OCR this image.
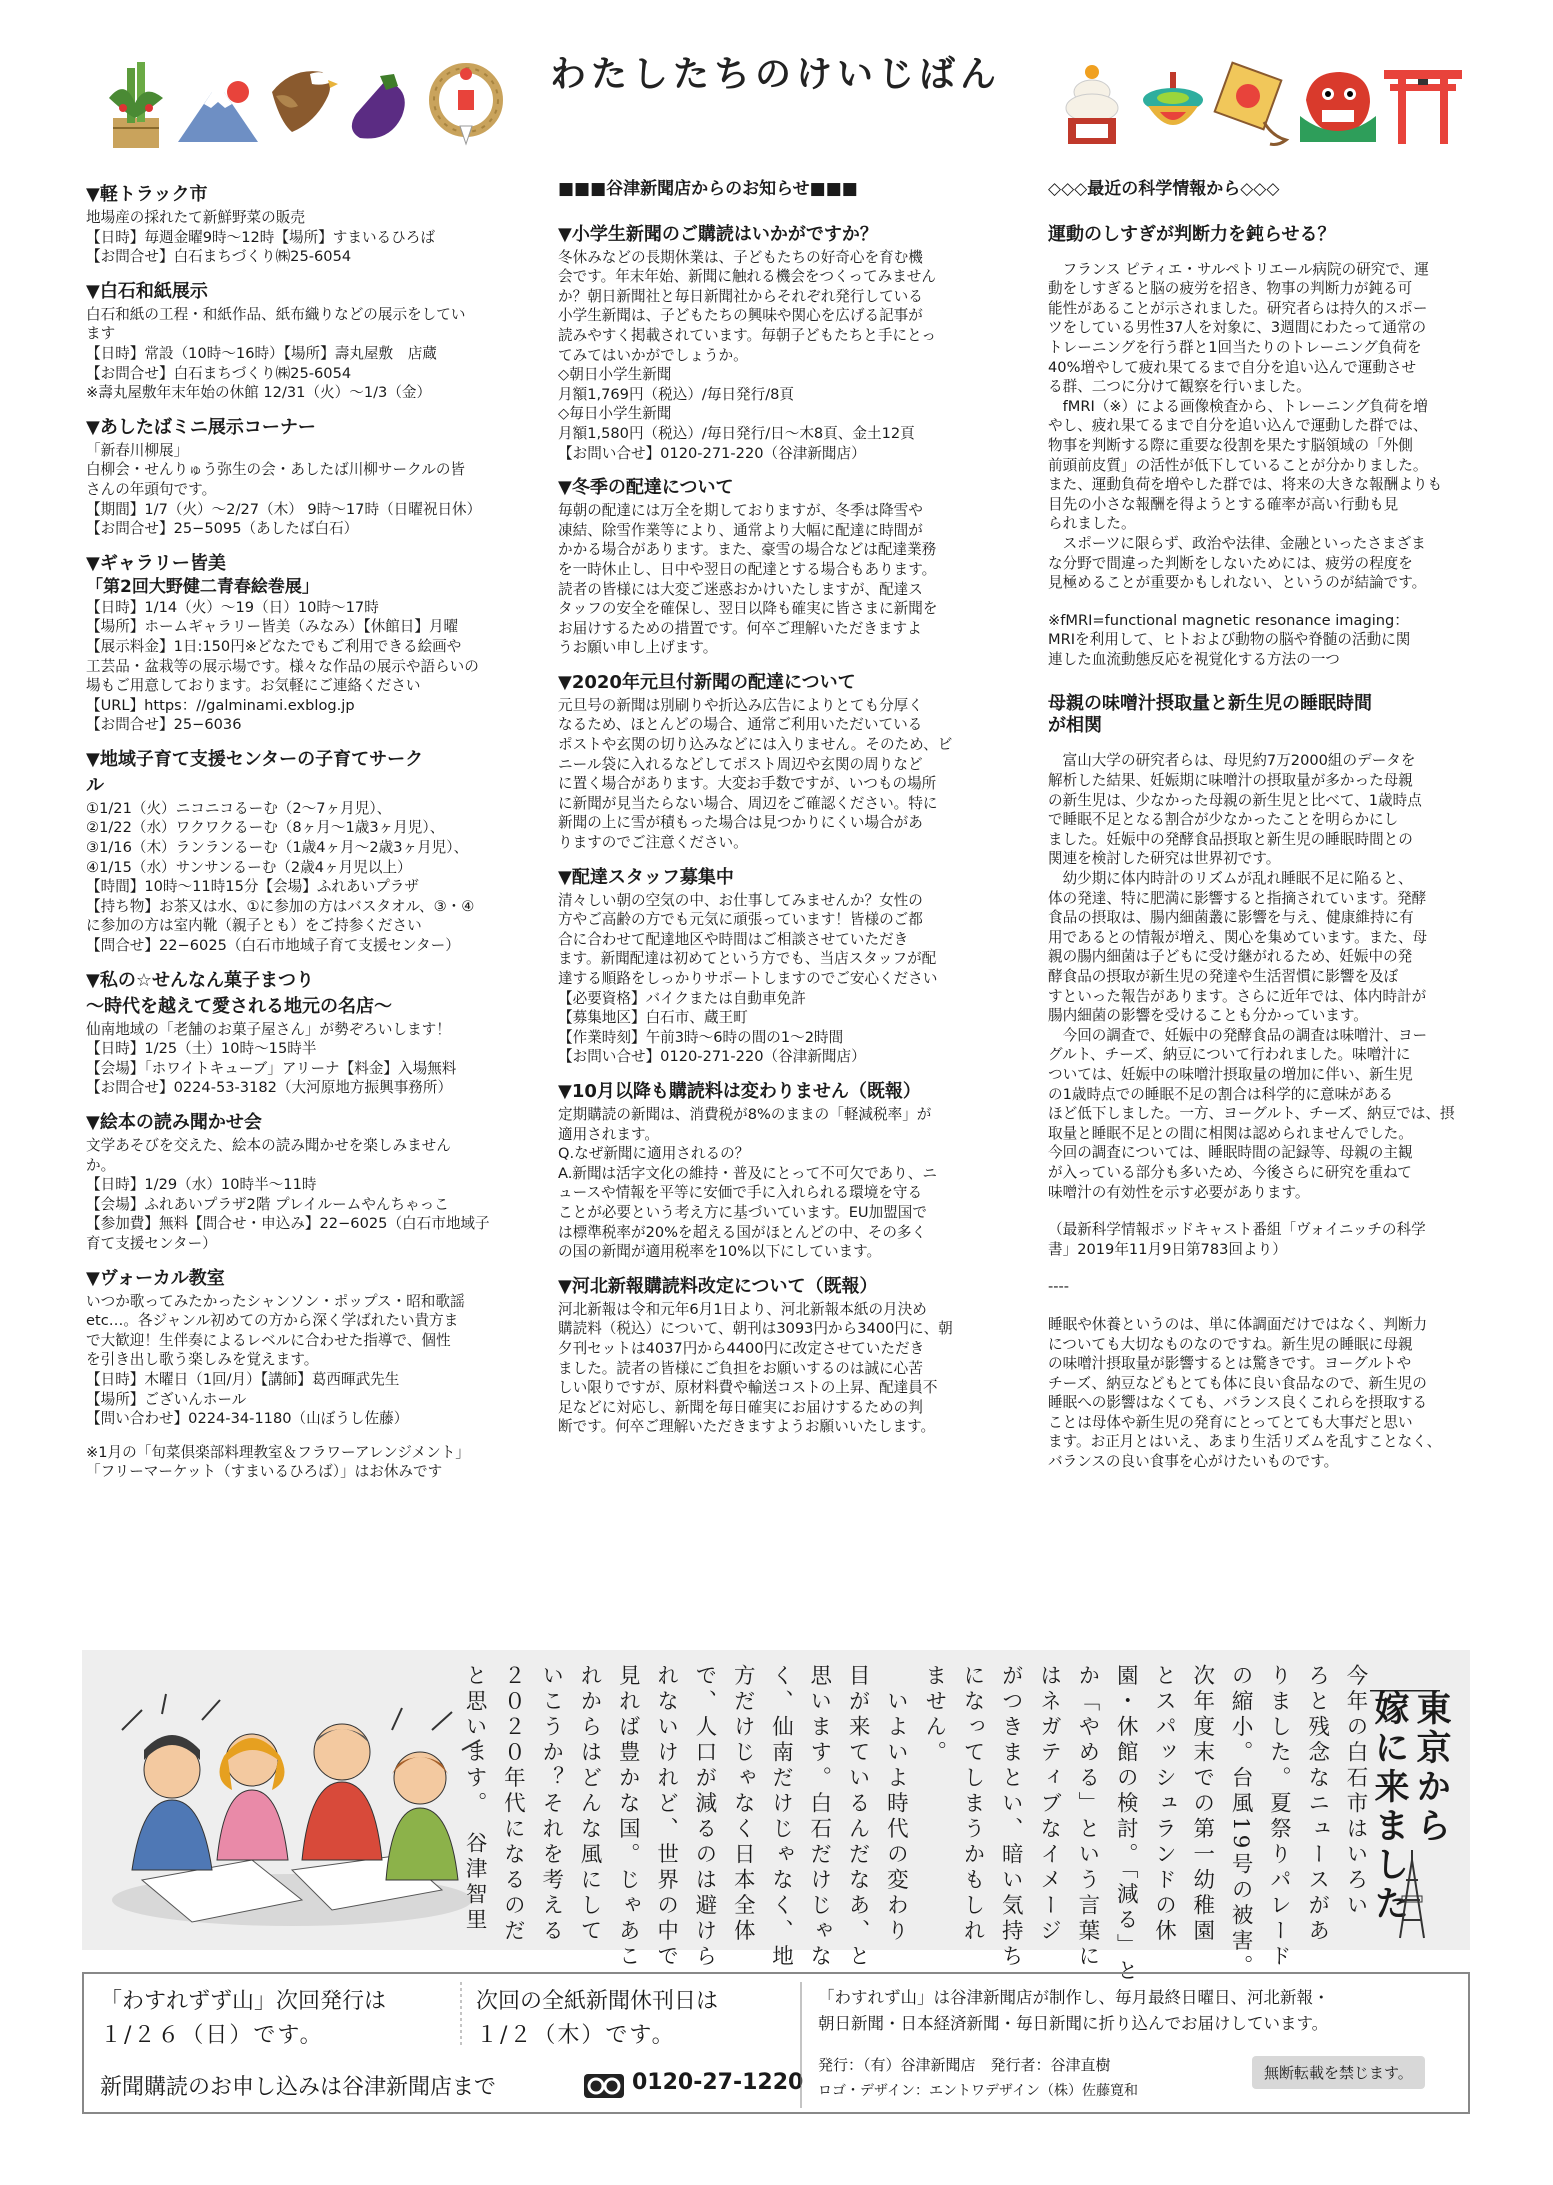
わたしたちのけいじばん
▼軽トラック市
地場産の採れたて新鮮野菜の販売
【日時】毎週金曜9時〜12時【場所】すまいるひろば
【お問合せ】白石まちづくり㈱25-6054
▼白石和紙展示
白石和紙の工程・和紙作品、紙布織りなどの展示をしてい
ます
【日時】常設（10時〜16時）【場所】壽丸屋敷　店蔵
【お問合せ】白石まちづくり㈱25-6054
※壽丸屋敷年末年始の休館 12/31（火）〜1/3（金）
▼あしたばミニ展示コーナー
「新春川柳展」
白柳会・せんりゅう弥生の会・あしたば川柳サークルの皆
さんの年頭句です。
【期間】1/7（火）〜2/27（木） 9時〜17時（日曜祝日休）
【お問合せ】25−5095（あしたば白石）
▼ギャラリー皆美
「第2回大野健二青春絵巻展」
【日時】1/14（火）〜19（日）10時〜17時
【場所】ホームギャラリー皆美（みなみ）【休館日】月曜
【展示料金】1日:150円※どなたでもご利用できる絵画や
工芸品・盆栽等の展示場です。様々な作品の展示や語らいの
場もご用意しております。お気軽にご連絡ください
【URL】https：//galminami.exblog.jp
【お問合せ】25−6036
▼地域子育て支援センターの子育てサーク
ル
①1/21（火）ニコニコるーむ（2〜7ヶ月児）、
②1/22（水）ワクワクるーむ（8ヶ月〜1歳3ヶ月児）、
③1/16（木）ランランるーむ（1歳4ヶ月〜2歳3ヶ月児）、
④1/15（水）サンサンるーむ（2歳4ヶ月児以上）
【時間】10時〜11時15分【会場】ふれあいプラザ
【持ち物】お茶又は水、①に参加の方はバスタオル、③・④
に参加の方は室内靴（親子とも）をご持参ください
【問合せ】22−6025（白石市地域子育て支援センター）
▼私の☆せんなん菓子まつり
〜時代を越えて愛される地元の名店〜
仙南地域の「老舗のお菓子屋さん」が勢ぞろいします！
【日時】1/25（土）10時〜15時半
【会場】「ホワイトキューブ」アリーナ【料金】入場無料
【お問合せ】0224-53-3182（大河原地方振興事務所）
▼絵本の読み聞かせ会
文学あそびを交えた、絵本の読み聞かせを楽しみません
か。
【日時】1/29（水）10時半〜11時
【会場】ふれあいプラザ2階 プレイルームやんちゃっこ
【参加費】無料【問合せ・申込み】22−6025（白石市地域子
育て支援センター）
▼ヴォーカル教室
いつか歌ってみたかったシャンソン・ポップス・昭和歌謡
etc…。各ジャンル初めての方から深く学ばれたい貴方ま
で大歓迎！生伴奏によるレベルに合わせた指導で、個性
を引き出し歌う楽しみを覚えます。
【日時】木曜日（1回/月）【講師】葛西暉武先生
【場所】ございんホール
【問い合わせ】0224-34-1180（山ぼうし佐藤）
※1月の「旬菜倶楽部料理教室＆フラワーアレンジメント」
「フリーマーケット（すまいるひろば）」はお休みです
■■■谷津新聞店からのお知らせ■■■
▼小学生新聞のご購読はいかがですか？
冬休みなどの長期休業は、子どもたちの好奇心を育む機
会です。年末年始、新聞に触れる機会をつくってみません
か？朝日新聞社と毎日新聞社からそれぞれ発行している
小学生新聞は、子どもたちの興味や関心を広げる記事が
読みやすく掲載されています。毎朝子どもたちと手にとっ
てみてはいかがでしょうか。
◇朝日小学生新聞
月額1,769円（税込）/毎日発行/8頁
◇毎日小学生新聞
月額1,580円（税込）/毎日発行/日〜木8頁、金土12頁
【お問い合せ】0120-271-220（谷津新聞店）
▼冬季の配達について
毎朝の配達には万全を期しておりますが、冬季は降雪や
凍結、除雪作業等により、通常より大幅に配達に時間が
かかる場合があります。また、豪雪の場合などは配達業務
を一時休止し、日中や翌日の配達とする場合もあります。
読者の皆様には大変ご迷惑おかけいたしますが、配達ス
タッフの安全を確保し、翌日以降も確実に皆さまに新聞を
お届けするための措置です。何卒ご理解いただきますよ
うお願い申し上げます。
▼2020年元旦付新聞の配達について
元旦号の新聞は別刷りや折込み広告によりとても分厚く
なるため、ほとんどの場合、通常ご利用いただいている
ポストや玄関の切り込みなどには入りません。そのため、ビ
ニール袋に入れるなどしてポスト周辺や玄関の周りなど
に置く場合があります。大変お手数ですが、いつもの場所
に新聞が見当たらない場合、周辺をご確認ください。特に
新聞の上に雪が積もった場合は見つかりにくい場合があ
りますのでご注意ください。
▼配達スタッフ募集中
清々しい朝の空気の中、お仕事してみませんか？女性の
方やご高齢の方でも元気に頑張っています！皆様のご都
合に合わせて配達地区や時間はご相談させていただき
ます。新聞配達は初めてという方でも、当店スタッフが配
達する順路をしっかりサポートしますのでご安心ください
【必要資格】バイクまたは自動車免許
【募集地区】白石市、蔵王町
【作業時刻】午前3時〜6時の間の1〜2時間
【お問い合せ】0120-271-220（谷津新聞店）
▼10月以降も購読料は変わりません（既報）
定期購読の新聞は、消費税が8%のままの「軽減税率」が
適用されます。
Q.なぜ新聞に適用されるの？
A.新聞は活字文化の維持・普及にとって不可欠であり、ニ
ュースや情報を平等に安価で手に入れられる環境を守る
ことが必要という考え方に基づいています。EU加盟国で
は標準税率が20%を超える国がほとんどの中、その多く
の国の新聞が適用税率を10%以下にしています。
▼河北新報購読料改定について（既報）
河北新報は令和元年6月1日より、河北新報本紙の月決め
購読料（税込）について、朝刊は3093円から3400円に、朝
夕刊セットは4037円から4400円に改定させていただき
ました。読者の皆様にご負担をお願いするのは誠に心苦
しい限りですが、原材料費や輸送コストの上昇、配達員不
足などに対応し、新聞を毎日確実にお届けするための判
断です。何卒ご理解いただきますようお願いいたします。
◇◇◇最近の科学情報から◇◇◇
運動のしすぎが判断力を鈍らせる？
　フランス ピティエ・サルペトリエール病院の研究で、運
動をしすぎると脳の疲労を招き、物事の判断力が鈍る可
能性があることが示されました。研究者らは持久的スポー
ツをしている男性37人を対象に、3週間にわたって通常の
トレーニングを行う群と1回当たりのトレーニング負荷を
40%増やして疲れ果てるまで自分を追い込んで運動させ
る群、二つに分けて観察を行いました。
　fMRI（※）による画像検査から、トレーニング負荷を増
やし、疲れ果てるまで自分を追い込んで運動した群では、
物事を判断する際に重要な役割を果たす脳領域の「外側
前頭前皮質」の活性が低下していることが分かりました。
また、運動負荷を増やした群では、将来の大きな報酬よりも
目先の小さな報酬を得ようとする確率が高い行動も見
られました。
　スポーツに限らず、政治や法律、金融といったさまざま
な分野で間違った判断をしないためには、疲労の程度を
見極めることが重要かもしれない、というのが結論です。
※fMRI=functional magnetic resonance imaging：
MRIを利用して、ヒトおよび動物の脳や脊髄の活動に関
連した血流動態反応を視覚化する方法の一つ
母親の味噌汁摂取量と新生児の睡眠時間
が相関
　富山大学の研究者らは、母児約7万2000組のデータを
解析した結果、妊娠期に味噌汁の摂取量が多かった母親
の新生児は、少なかった母親の新生児と比べて、1歳時点
で睡眠不足となる割合が少なかったことを明らかにし
ました。妊娠中の発酵食品摂取と新生児の睡眠時間との
関連を検討した研究は世界初です。
　幼少期に体内時計のリズムが乱れ睡眠不足に陥ると、
体の発達、特に肥満に影響すると指摘されています。発酵
食品の摂取は、腸内細菌叢に影響を与え、健康維持に有
用であるとの情報が増え、関心を集めています。また、母
親の腸内細菌は子どもに受け継がれるため、妊娠中の発
酵食品の摂取が新生児の発達や生活習慣に影響を及ぼ
すといった報告があります。さらに近年では、体内時計が
腸内細菌の影響を受けることも分かっています。
　今回の調査で、妊娠中の発酵食品の調査は味噌汁、ヨー
グルト、チーズ、納豆について行われました。味噌汁に
ついては、妊娠中の味噌汁摂取量の増加に伴い、新生児
の1歳時点での睡眠不足の割合は科学的に意味がある
ほど低下しました。一方、ヨーグルト、チーズ、納豆では、摂
取量と睡眠不足との間に相関は認められませんでした。
今回の調査については、睡眠時間の記録等、母親の主観
が入っている部分も多いため、今後さらに研究を重ねて
味噌汁の有効性を示す必要があります。
（最新科学情報ポッドキャスト番組「ヴォイニッチの科学
書」2019年11月9日第783回より）
----
睡眠や休養というのは、単に体調面だけではなく、判断力
についても大切なものなのですね。新生児の睡眠に母親
の味噌汁摂取量が影響するとは驚きです。ヨーグルトや
チーズ、納豆などもとても体に良い食品なので、新生児の
睡眠への影響はなくても、バランス良くこれらを摂取する
ことは母体や新生児の発育にとってとても大事だと思い
ます。お正月とはいえ、あまり生活リズムを乱すことなく、
バランスの良い食事を心がけたいものです。
今年の白石市はいろい
ろと残念なニュースがあ
りました。夏祭りパレード
の縮小。台風19号の被害。
次年度末での第一幼稚園
とスパッシュランドの休
園・休館の検討。「減る」と
か「やめる」という言葉に
はネガティブなイメージ
がつきまとい、暗い気持ち
になってしまうかもしれ
ません。
　いよいよ時代の変わり
目が来ているんだなあ、と
思います。白石だけじゃな
く、仙南だけじゃなく、地
方だけじゃなく日本全体
で、人口が減るのは避けら
れないけれど、世界の中で
見れば豊かな国。じゃあこ
れからはどんな風にして
いこうか？それを考える
２０２０年代になるのだ
と思います。　谷津智里	東京から
嫁に来ました
「わすれずず山」次回発行は
１/２６（日）です。
次回の全紙新聞休刊日は
１/２（木）です。
新聞購読のお申し込みは谷津新聞店まで	0120-27-1220
「わすれず山」は谷津新聞店が制作し、毎月最終日曜日、河北新報・
朝日新聞・日本経済新聞・毎日新聞に折り込んでお届けしています。
発行：（有）谷津新聞店　発行者：谷津直樹
ロゴ・デザイン：エントワデザイン（株）佐藤寛和
無断転載を禁じます。
